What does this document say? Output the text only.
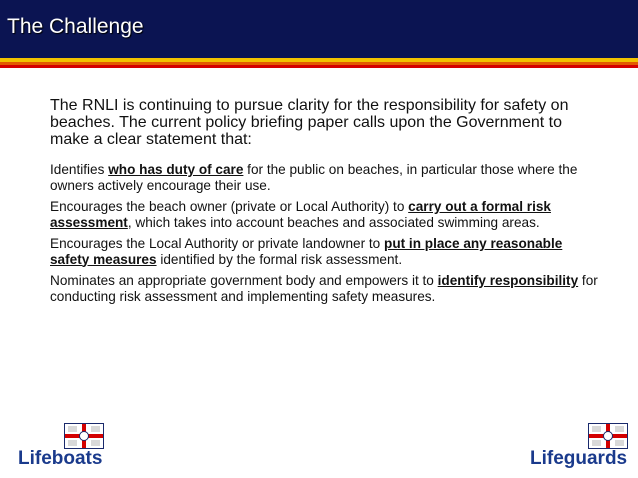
The Challenge

The RNLI is continuing to pursue clarity for the responsibility for safety on beaches. The current policy briefing paper calls upon the Government to make a clear statement that:

Identifies who has duty of care for the public on beaches, in particular those where the owners actively encourage their use.

Encourages the beach owner (private or Local Authority) to carry out a formal risk assessment, which takes into account beaches and associated swimming areas.

Encourages the Local Authority or private landowner to put in place any reasonable safety measures identified by the formal risk assessment.

Nominates an appropriate government body and empowers it to identify responsibility for conducting risk assessment and implementing safety measures.

Lifeboats	Lifeguards
